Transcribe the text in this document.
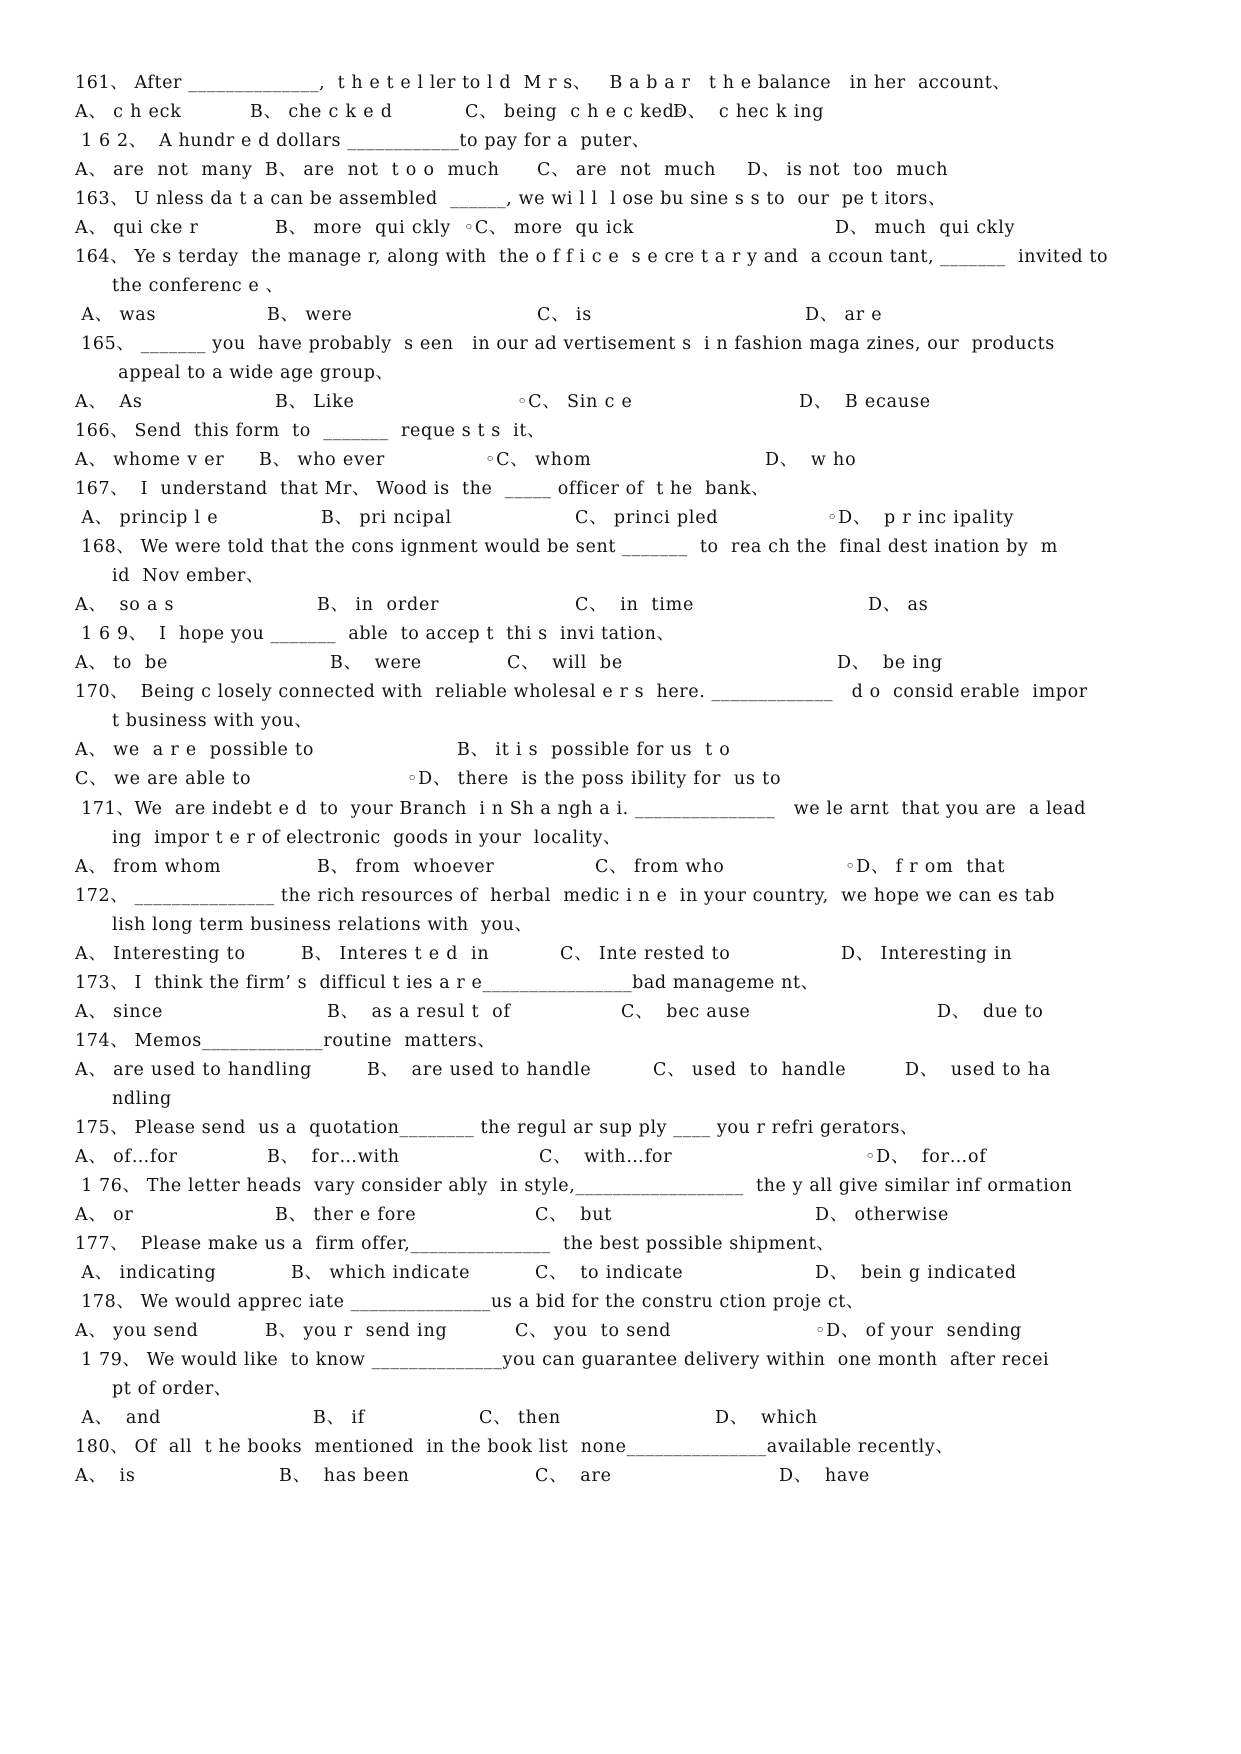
161、 After ______________,  t h e t e l ler to l d  M r s、   B a b a r   t h e balance   in her  account、

A、 c h eck

	B、 che c k e d

	C、 being  c h e c ked◦

D、  c hec k ing

1 6 2、  A hundr e d dollars ____________to pay for a  puter、

A、 are  not  many

B、 are  not  t o o  much

C、 are  not  much

D、 is not  too  much

163、 U nless da t a can be assembled  ______, we wi l l  l ose bu sine s s to  our  pe t itors、

A、 qui cke r

	B、 more  qui ckly  ◦C、 more  qu ick

	D、 much  qui ckly

164、 Ye s terday  the manage r, along with  the o f f i c e  s e cre t a r y and  a ccoun tant, _______  invited to
the conferenc e 、

A、 was

	B、 were

	C、 is

	D、 ar e

165、 _______ you  have probably  s een   in our ad vertisement s  i n fashion maga zines, our  products
appeal to a wide age group、

A、  As

	B、 Like

	◦C、 Sin c e

	D、  B ecause

166、 Send  this form  to  _______  reque s t s  it、

A、 whome v er

B、 who ever

	◦C、 whom

	D、  w ho

167、  I  understand  that Mr、 Wood is  the  _____ officer of  t he  bank、

A、 princip l e

	B、 pri ncipal

	C、 princi pled

	◦D、  p r inc ipality

168、 We were told that the cons ignment would be sent _______  to  rea ch the  final dest ination by  m
id  Nov ember、

A、  so a s

	B、 in  order

	C、  in  time

	D、 as

1 6 9、  I  hope you _______  able  to accep t  thi s  invi tation、

A、 to  be

	B、  were

	C、  will  be

	D、  be ing

170、  Being c losely connected with  reliable wholesal e r s  here. _____________   d o  consid erable  impor
t business with you、

A、 we  a r e  possible to

	B、 it i s  possible for us  t o

C、 we are able to

	◦D、 there  is the poss ibility for  us to

171、We  are indebt e d  to  your Branch  i n Sh a ngh a i. _______________   we le arnt  that you are  a lead
ing  impor t e r of electronic  goods in your  locality、

A、 from whom

	B、 from  whoever

	C、 from who

	◦D、 f r om  that

172、 _______________ the rich resources of  herbal  medic i n e  in your country,  we hope we can es tab
lish long term business relations with  you、

A、 Interesting to

	B、 Interes t e d  in

	C、 Inte rested to

	D、 Interesting in

173、 I  think the firm’ s  difficul t ies a r e________________bad manageme nt、

A、 since

	B、  as a resul t  of

	C、  bec ause

	D、  due to

174、 Memos_____________routine  matters、

A、 are used to handling

	B、  are used to handle

	C、 used  to  handle

	D、  used to ha

ndling
175、 Please send  us a  quotation________ the regul ar sup ply ____ you r refri gerators、

A、 of…for

	B、  for…with

	C、  with…for

	◦D、  for…of

1 76、 The letter heads  vary consider ably  in style,__________________  the y all give similar inf ormation

A、 or

	B、 ther e fore

	C、  but

	D、 otherwise

177、  Please make us a  firm offer,_______________  the best possible shipment、

A、 indicating

	B、 which indicate

	C、  to indicate

	D、  bein g indicated

178、 We would apprec iate _______________us a bid for the constru ction proje ct、

A、 you send

	B、 you r  send ing

	C、 you  to send

	◦D、 of your  sending

1 79、 We would like  to know ______________you can guarantee delivery within  one month  after recei
pt of order、

A、  and

	B、 if

	C、 then

	D、  which

180、 Of  all  t he books  mentioned  in the book list  none_______________available recently、

A、  is

	B、  has been

	C、  are

	D、  have
